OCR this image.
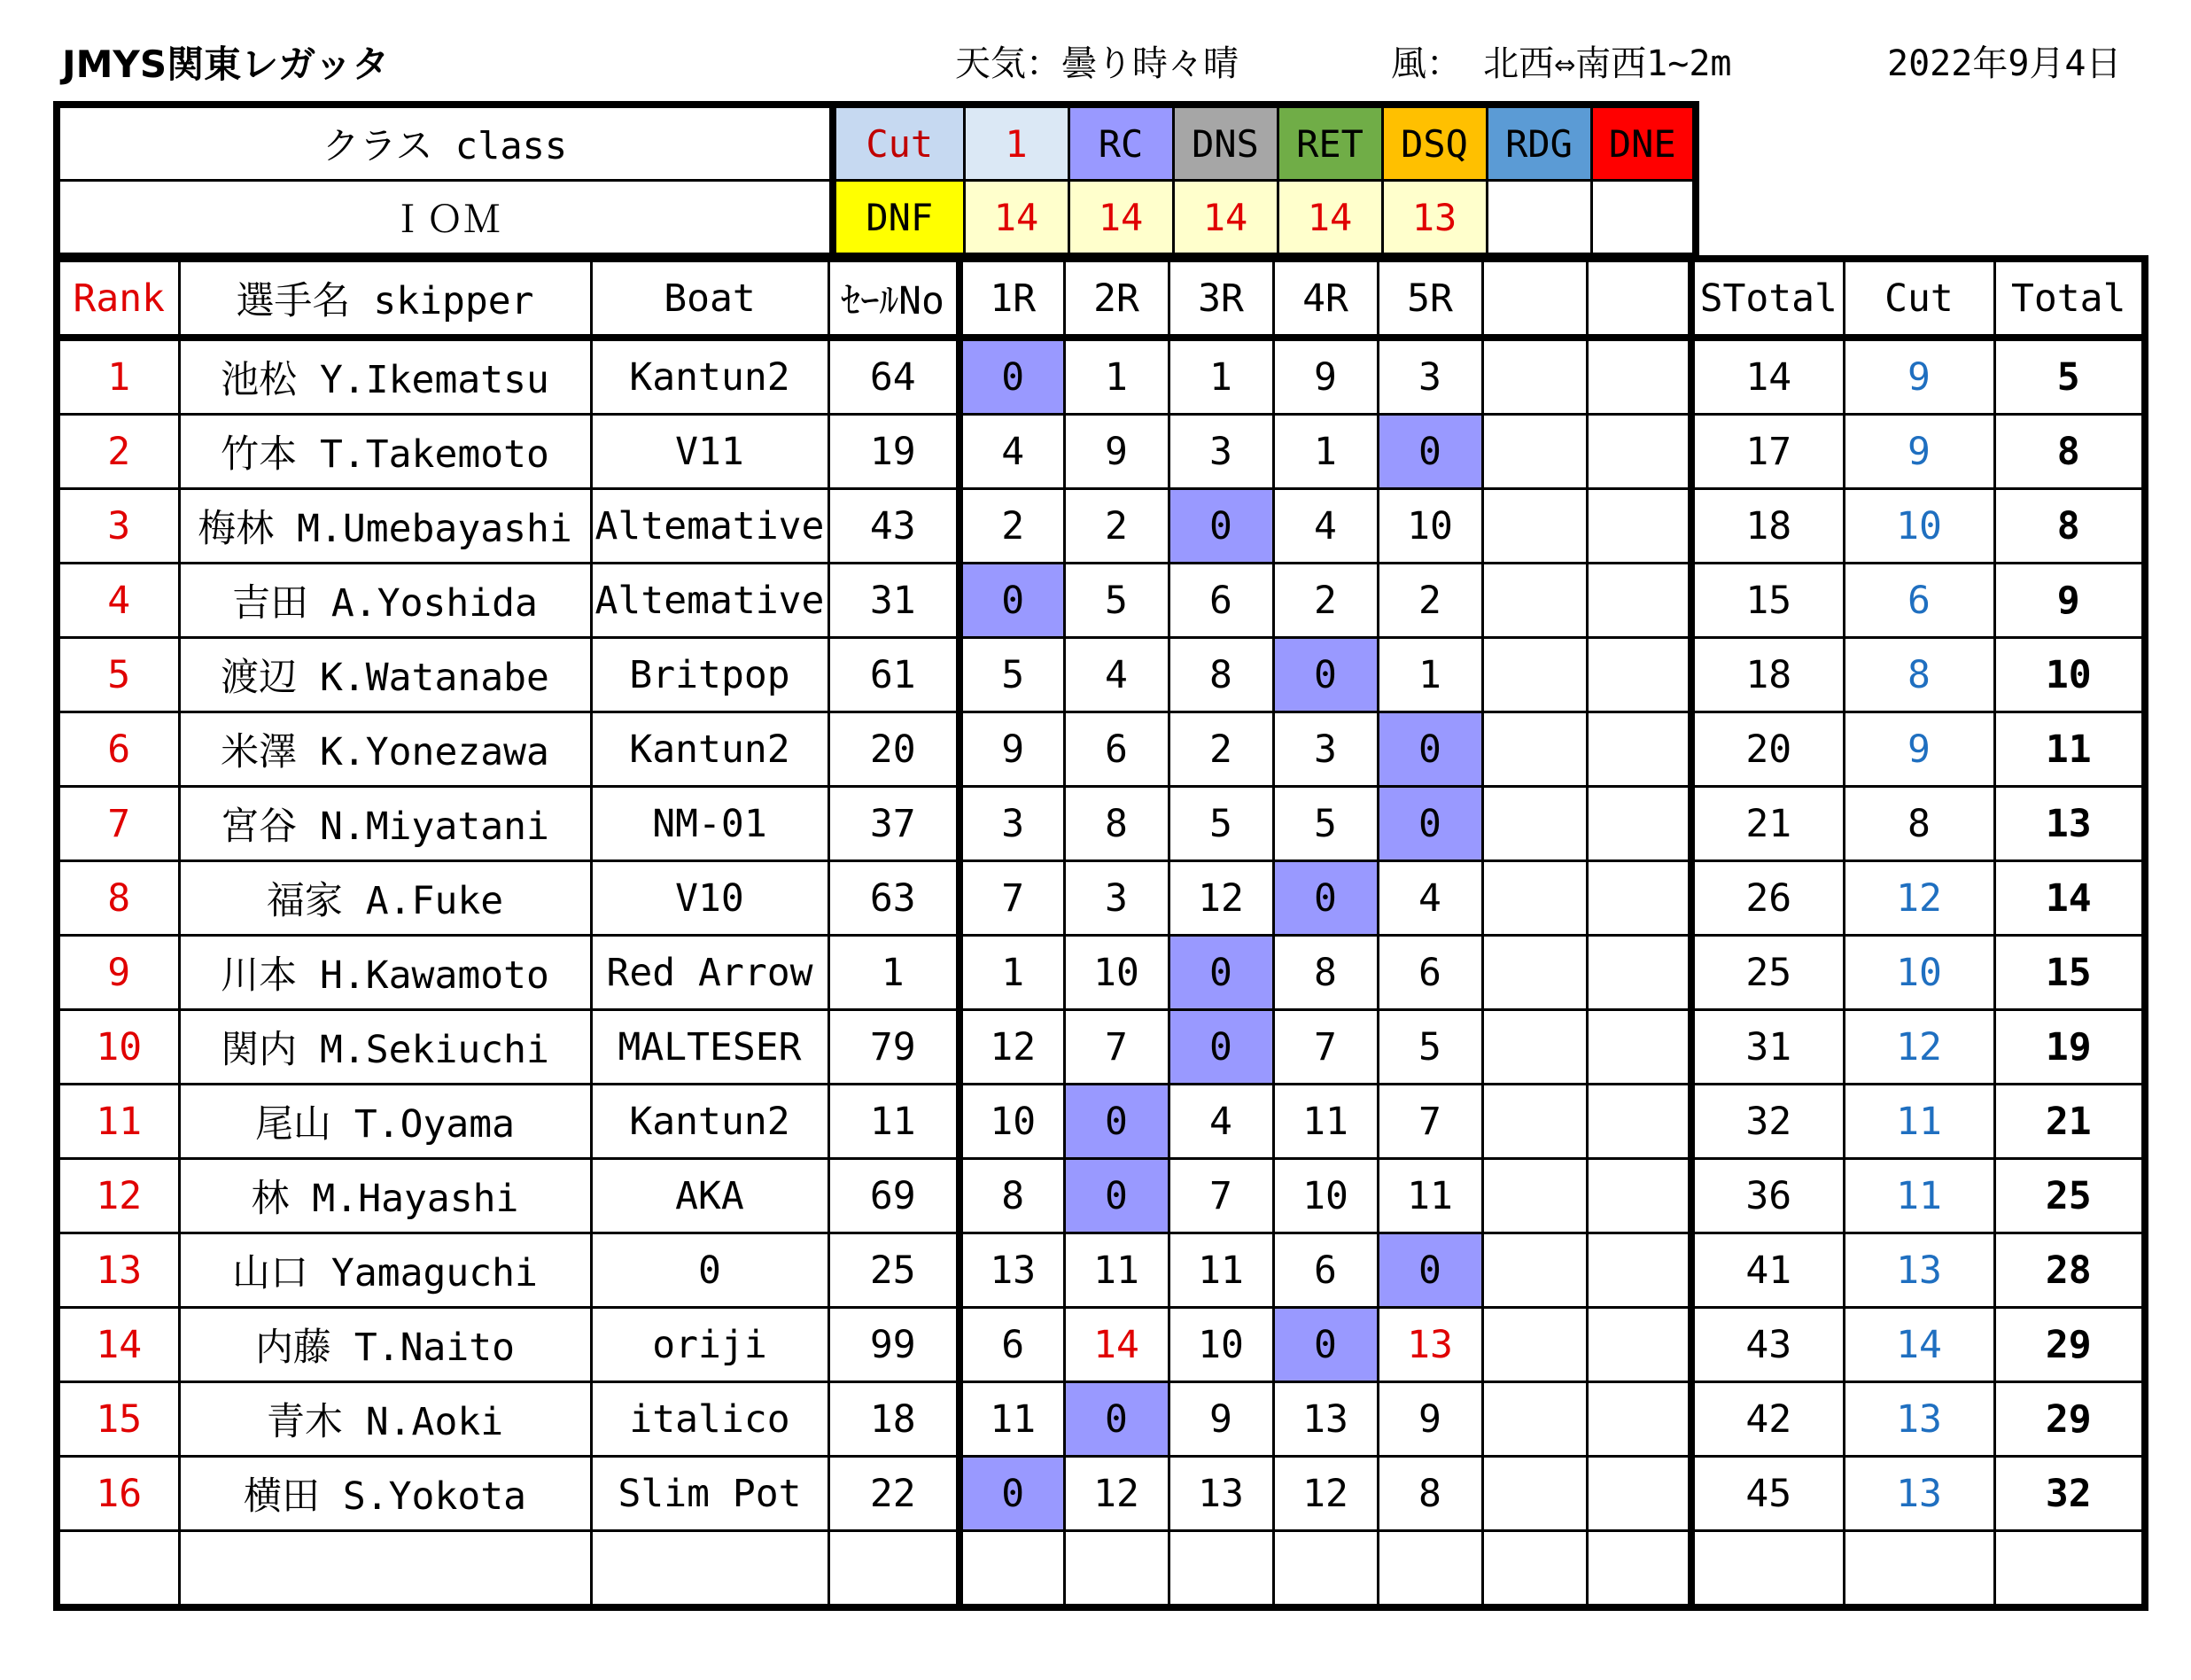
JMYS関東レガッタ	天気：曇り時々晴	風： 北西⇔南西1~2m	2022年9月4日
クラス class	Cut	1	RC	DNS	RET	DSQ	RDG	DNE
ＩＯＭ	DNF	14	14	14	14	13		
Rank	選手名 skipper	Boat	ｾｰﾙNo	1R	2R	3R	4R	5R			STotal	Cut	Total
1	池松 Y.Ikematsu	Kantun2	64	0	1	1	9	3			14	9	5
2	竹本 T.Takemoto	V11	19	4	9	3	1	0			17	9	8
3	梅林 M.Umebayashi	Altemative	43	2	2	0	4	10			18	10	8
4	吉田 A.Yoshida	Altemative	31	0	5	6	2	2			15	6	9
5	渡辺 K.Watanabe	Britpop	61	5	4	8	0	1			18	8	10
6	米澤 K.Yonezawa	Kantun2	20	9	6	2	3	0			20	9	11
7	宮谷 N.Miyatani	NM-01	37	3	8	5	5	0			21	8	13
8	福家 A.Fuke	V10	63	7	3	12	0	4			26	12	14
9	川本 H.Kawamoto	Red Arrow	1	1	10	0	8	6			25	10	15
10	関内 M.Sekiuchi	MALTESER	79	12	7	0	7	5			31	12	19
11	尾山 T.Oyama	Kantun2	11	10	0	4	11	7			32	11	21
12	林 M.Hayashi	AKA	69	8	0	7	10	11			36	11	25
13	山口 Yamaguchi	0	25	13	11	11	6	0			41	13	28
14	内藤 T.Naito	oriji	99	6	14	10	0	13			43	14	29
15	青木 N.Aoki	italico	18	11	0	9	13	9			42	13	29
16	横田 S.Yokota	Slim Pot	22	0	12	13	12	8			45	13	32
